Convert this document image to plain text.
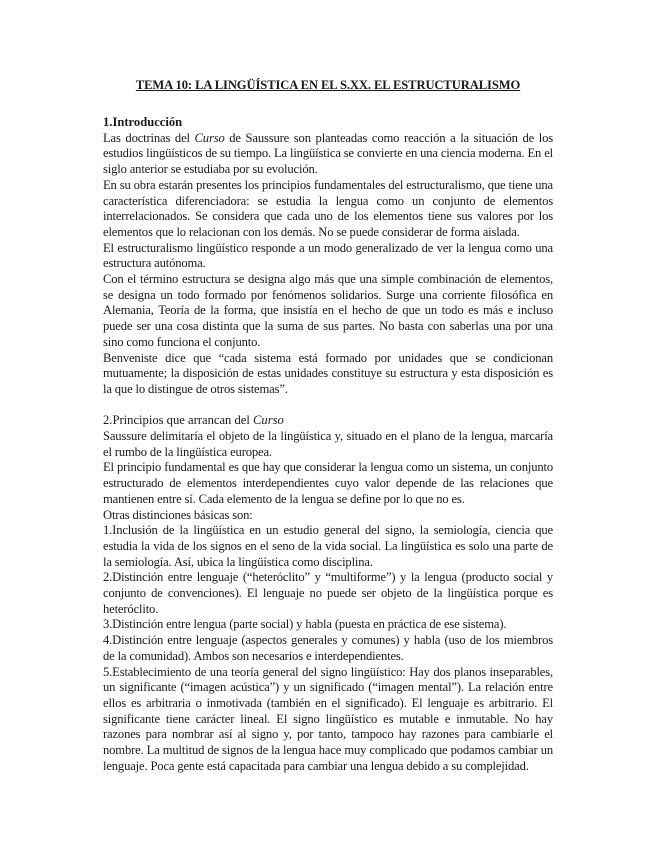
TEMA 10: LA LINGÜÍSTICA EN EL S.XX. EL ESTRUCTURALISMO

1.Introducción

Las doctrinas del Curso de Saussure son planteadas como reacción a la situación de los estudios lingüísticos de su tiempo. La lingüística se convierte en una ciencia moderna. En el siglo anterior se estudiaba por su evolución.

En su obra estarán presentes los principios fundamentales del estructuralismo, que tiene una característica diferenciadora: se estudia la lengua como un conjunto de elementos interrelacionados. Se considera que cada uno de los elementos tiene sus valores por los elementos que lo relacionan con los demás. No se puede considerar de forma aislada.

El estructuralismo lingüístico responde a un modo generalizado de ver la lengua como una estructura autónoma.

Con el término estructura se designa algo más que una simple combinación de elementos, se designa un todo formado por fenómenos solidarios. Surge una corriente filosófica en Alemania, Teoría de la forma, que insistía en el hecho de que un todo es más e incluso puede ser una cosa distinta que la suma de sus partes. No basta con saberlas una por una sino como funciona el conjunto.

Benveniste dice que “cada sistema está formado por unidades que se condicionan mutuamente; la disposición de estas unidades constituye su estructura y esta disposición es la que lo distingue de otros sistemas”.

2.Principios que arrancan del Curso

Saussure delimitaría el objeto de la lingüística y, situado en el plano de la lengua, marcaría el rumbo de la lingüística europea.

El principio fundamental es que hay que considerar la lengua como un sistema, un conjunto estructurado de elementos interdependientes cuyo valor depende de las relaciones que mantienen entre sí. Cada elemento de la lengua se define por lo que no es.

Otras distinciones básicas son:

1.Inclusión de la lingüística en un estudio general del signo, la semiología, ciencia que estudia la vida de los signos en el seno de la vida social. La lingüística es solo una parte de la semiología. Así, ubica la lingüística como disciplina.

2.Distinción entre lenguaje (“heteróclito” y “multiforme”) y la lengua (producto social y conjunto de convenciones). El lenguaje no puede ser objeto de la lingüística porque es heteróclito.

3.Distinción entre lengua (parte social) y habla (puesta en práctica de ese sistema).

4.Distinción entre lenguaje (aspectos generales y comunes) y habla (uso de los miembros de la comunidad). Ambos son necesarios e interdependientes.

5.Establecimiento de una teoría general del signo lingüístico: Hay dos planos inseparables, un significante (“imagen acústica”) y un significado (“imagen mental”). La relación entre ellos es arbitraria o inmotivada (también en el significado). El lenguaje es arbitrario. El significante tiene carácter lineal. El signo lingüístico es mutable e inmutable. No hay razones para nombrar así al signo y, por tanto, tampoco hay razones para cambiarle el nombre. La multitud de signos de la lengua hace muy complicado que podamos cambiar un lenguaje. Poca gente está capacitada para cambiar una lengua debido a su complejidad.
